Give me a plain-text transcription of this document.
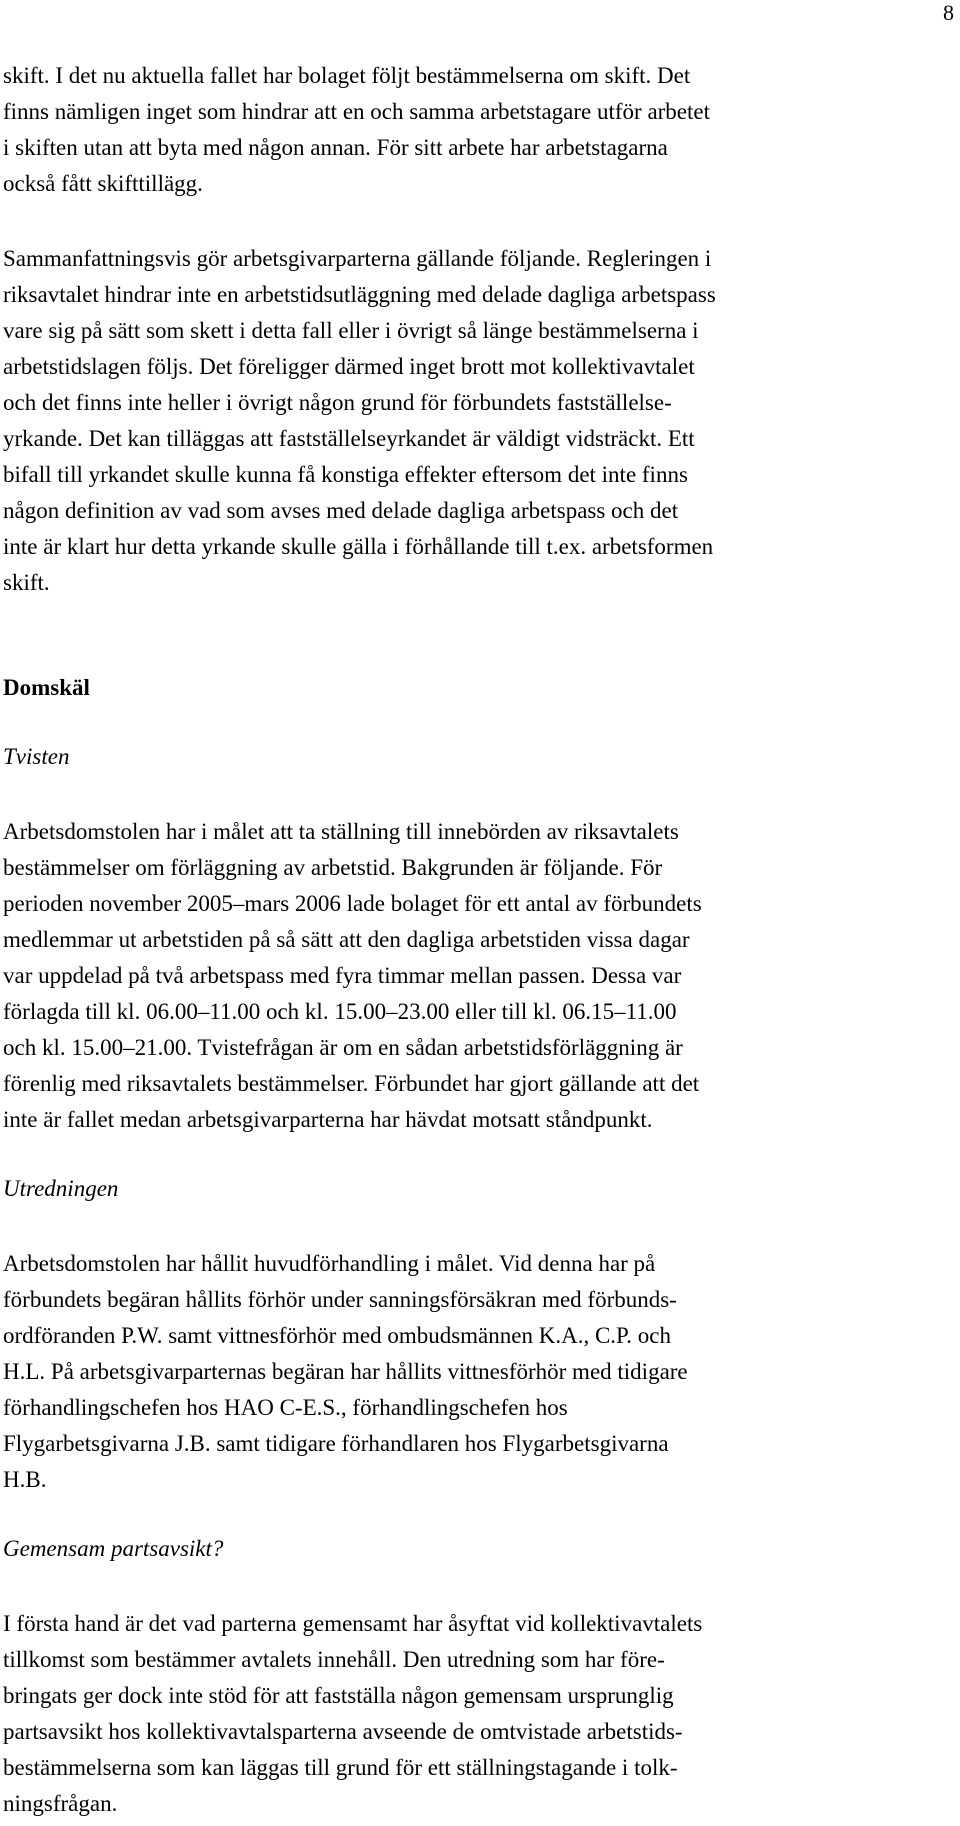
8
skift. I det nu aktuella fallet har bolaget följt bestämmelserna om skift. Det
finns nämligen inget som hindrar att en och samma arbetstagare utför arbetet
i skiften utan att byta med någon annan. För sitt arbete har arbetstagarna
också fått skifttillägg.
Sammanfattningsvis gör arbetsgivarparterna gällande följande. Regleringen i
riksavtalet hindrar inte en arbetstidsutläggning med delade dagliga arbetspass
vare sig på sätt som skett i detta fall eller i övrigt så länge bestämmelserna i
arbetstidslagen följs. Det föreligger därmed inget brott mot kollektivavtalet
och det finns inte heller i övrigt någon grund för förbundets fastställelse-
yrkande. Det kan tilläggas att fastställelseyrkandet är väldigt vidsträckt. Ett
bifall till yrkandet skulle kunna få konstiga effekter eftersom det inte finns
någon definition av vad som avses med delade dagliga arbetspass och det
inte är klart hur detta yrkande skulle gälla i förhållande till t.ex. arbetsformen
skift.
Domskäl
Tvisten
Arbetsdomstolen har i målet att ta ställning till innebörden av riksavtalets
bestämmelser om förläggning av arbetstid. Bakgrunden är följande. För
perioden november 2005–mars 2006 lade bolaget för ett antal av förbundets
medlemmar ut arbetstiden på så sätt att den dagliga arbetstiden vissa dagar
var uppdelad på två arbetspass med fyra timmar mellan passen. Dessa var
förlagda till kl. 06.00–11.00 och kl. 15.00–23.00 eller till kl. 06.15–11.00
och kl. 15.00–21.00. Tvistefrågan är om en sådan arbetstidsförläggning är
förenlig med riksavtalets bestämmelser. Förbundet har gjort gällande att det
inte är fallet medan arbetsgivarparterna har hävdat motsatt ståndpunkt.
Utredningen
Arbetsdomstolen har hållit huvudförhandling i målet. Vid denna har på
förbundets begäran hållits förhör under sanningsförsäkran med förbunds-
ordföranden P.W. samt vittnesförhör med ombudsmännen K.A., C.P. och
H.L. På arbetsgivarparternas begäran har hållits vittnesförhör med tidigare
förhandlingschefen hos HAO C-E.S., förhandlingschefen hos
Flygarbetsgivarna J.B. samt tidigare förhandlaren hos Flygarbetsgivarna
H.B.
Gemensam partsavsikt?
I första hand är det vad parterna gemensamt har åsyftat vid kollektivavtalets
tillkomst som bestämmer avtalets innehåll. Den utredning som har före-
bringats ger dock inte stöd för att fastställa någon gemensam ursprunglig
partsavsikt hos kollektivavtalsparterna avseende de omtvistade arbetstids-
bestämmelserna som kan läggas till grund för ett ställningstagande i tolk-
ningsfrågan.
